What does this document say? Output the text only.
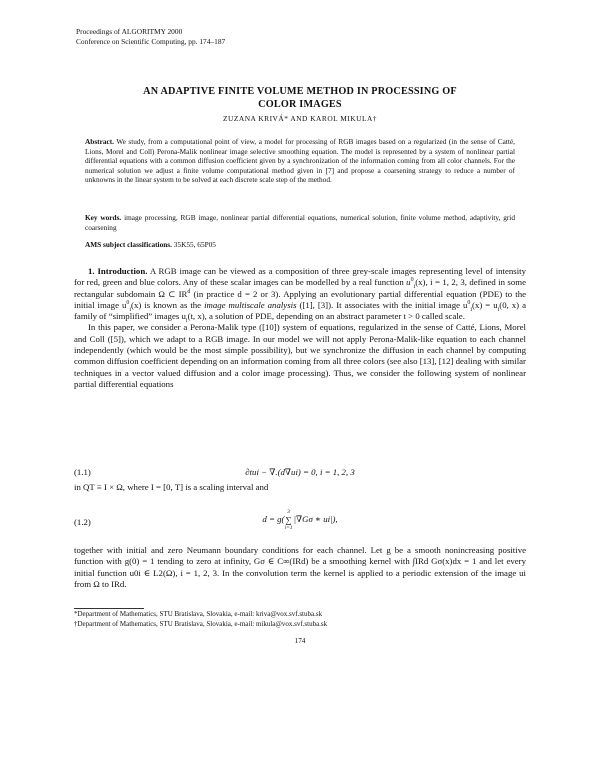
Proceedings of ALGORITMY 2000
Conference on Scientific Computing, pp. 174–187
AN ADAPTIVE FINITE VOLUME METHOD IN PROCESSING OF
COLOR IMAGES
ZUZANA KRIVÁ* AND KAROL MIKULA†
Abstract. We study, from a computational point of view, a model for processing of RGB images based on a regularized (in the sense of Catté, Lions, Morel and Coll) Perona-Malik nonlinear image selective smoothing equation. The model is represented by a system of nonlinear partial differential equations with a common diffusion coefficient given by a synchronization of the information coming from all color channels. For the numerical solution we adjust a finite volume computational method given in [7] and propose a coarsening strategy to reduce a number of unknowns in the linear system to be solved at each discrete scale step of the method.
Key words. image processing, RGB image, nonlinear partial differential equations, numerical solution, finite volume method, adaptivity, grid coarsening
AMS subject classifications. 35K55, 65P05
1. Introduction. A RGB image can be viewed as a composition of three grey-scale images representing level of intensity for red, green and blue colors. Any of these scalar images can be modelled by a real function $u^0_i(x)$, i = 1, 2, 3, defined in some rectangular subdomain Ω ⊂ $IR^d$ (in practice d = 2 or 3). Applying an evolutionary partial differential equation (PDE) to the initial image $u^0_i(x)$ is known as the image multiscale analysis ([1], [3]). It associates with the initial image $u^0_i(x) = u_i(0$, x) a family of “simplified” images $u_i(t$, x), a solution of PDE, depending on an abstract parameter t > 0 called scale.
In this paper, we consider a Perona-Malik type ([10]) system of equations, regularized in the sense of Catté, Lions, Morel and Coll ([5]), which we adapt to a RGB image. In our model we will not apply Perona-Malik-like equation to each channel independently (which would be the most simple possibility), but we synchronize the diffusion in each channel by computing common diffusion coefficient depending on an information coming from all three colors (see also [13], [12] dealing with similar techniques in a vector valued diffusion and a color image processing). Thus, we consider the following system of nonlinear partial differential equations
(1.1)	∂tui − ∇.(d∇ui) = 0, i = 1, 2, 3
in QT ≡ I × Ω, where I = [0, T] is a scaling interval and
(1.2)	d = g(
3
∑
i=1
|∇Gσ ∗ ui|),
together with initial and zero Neumann boundary conditions for each channel. Let g be a smooth nonincreasing positive function with g(0) = 1 tending to zero at infinity, Gσ ∈ C∞(IRd) be a smoothing kernel with ∫IRd Gσ(x)dx = 1 and let every initial function u0i ∈ L2(Ω), i = 1, 2, 3. In the convolution term the kernel is applied to a periodic extension of the image ui from Ω to IRd.
*Department of Mathematics, STU Bratislava, Slovakia, e-mail: kriva@vox.svf.stuba.sk
†Department of Mathematics, STU Bratislava, Slovakia, e-mail: mikula@vox.svf.stuba.sk
174
